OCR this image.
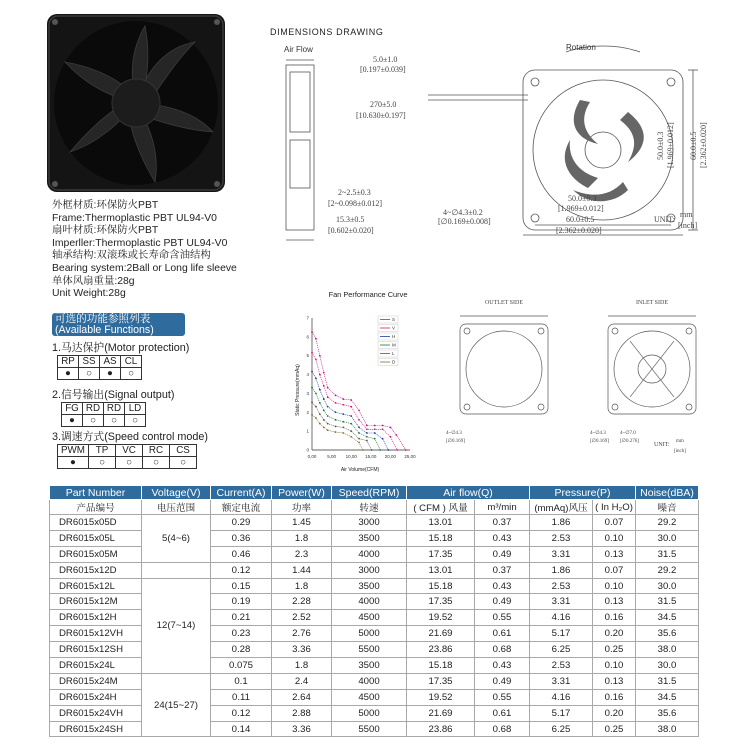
外框材质:环保防火PBT
Frame:Thermoplastic PBT UL94-V0
扇叶材质:环保防火PBT
Imperller:Thermoplastic PBT UL94-V0
轴承结构:双滚珠或长寿命含油结构
Bearing system:2Ball or Long life sleeve
单体风扇重量:28g
Unit Weight:28g
可选的功能参照列表
(Available Functions)
1.马达保护(Motor protection)
RP	SS	AS	CL
●	○	●	○
2.信号输出(Signal output)
FG	RD	RD	LD
●	○	○	○
3.调速方式(Speed control mode)
PWM	TP	VC	RC	CS
●	○	○	○	○
DIMENSIONS DRAWING
Air Flow	Rotation
5.0±1.0
[0.197±0.039]
270±5.0
[10.630±0.197]
2~2.5±0.3
[2~0.098±0.012]
15.3±0.5
[0.602±0.020]
50.0±0.3
[1.969±0.012]
60.0±0.5
[2.362±0.020]
4~∅4.3±0.2
[∅0.169±0.008]
50.0±0.3 [1.969±0.012] 60.0±0.5 [2.362±0.020]
UNIT:
mm
[inch]
Fan Performance Curve
Air Volume(CFM)
Static Pressure(mmAq)
0,00 5,00 10,00 15,00 20,00 25,00
0
1
2
3
4
5
6
7	S
V
H
M
L
D
OUTLET SIDE	INLET SIDE
4~∅4.3
[∅0.169]
4~∅4.3
[∅0.169]
4~∅7.0
[∅0.276]
UNIT:
mm
[inch]
Part Number	Voltage(V)	Current(A)	Power(W)	Speed(RPM)	Air flow(Q)		Pressure(P)		Noise(dBA)
产品编号	电压范围	额定电流	功率	转速	( CFM ) 风量	m³/min	(mmAq)风压	( In H₂O)	噪音
DR6015x05D	5(4~6)	0.29	1.45	3000	13.01	0.37	1.86	0.07	29.2
DR6015x05L		0.36	1.8	3500	15.18	0.43	2.53	0.10	30.0
DR6015x05M		0.46	2.3	4000	17.35	0.49	3.31	0.13	31.5
DR6015x12D		0.12	1.44	3000	13.01	0.37	1.86	0.07	29.2
DR6015x12L	12(7~14)	0.15	1.8	3500	15.18	0.43	2.53	0.10	30.0
DR6015x12M		0.19	2.28	4000	17.35	0.49	3.31	0.13	31.5
DR6015x12H		0.21	2.52	4500	19.52	0.55	4.16	0.16	34.5
DR6015x12VH		0.23	2.76	5000	21.69	0.61	5.17	0.20	35.6
DR6015x12SH		0.28	3.36	5500	23.86	0.68	6.25	0.25	38.0
DR6015x24L		0.075	1.8	3500	15.18	0.43	2.53	0.10	30.0
DR6015x24M	24(15~27)	0.1	2.4	4000	17.35	0.49	3.31	0.13	31.5
DR6015x24H		0.11	2.64	4500	19.52	0.55	4.16	0.16	34.5
DR6015x24VH		0.12	2.88	5000	21.69	0.61	5.17	0.20	35.6
DR6015x24SH		0.14	3.36	5500	23.86	0.68	6.25	0.25	38.0
